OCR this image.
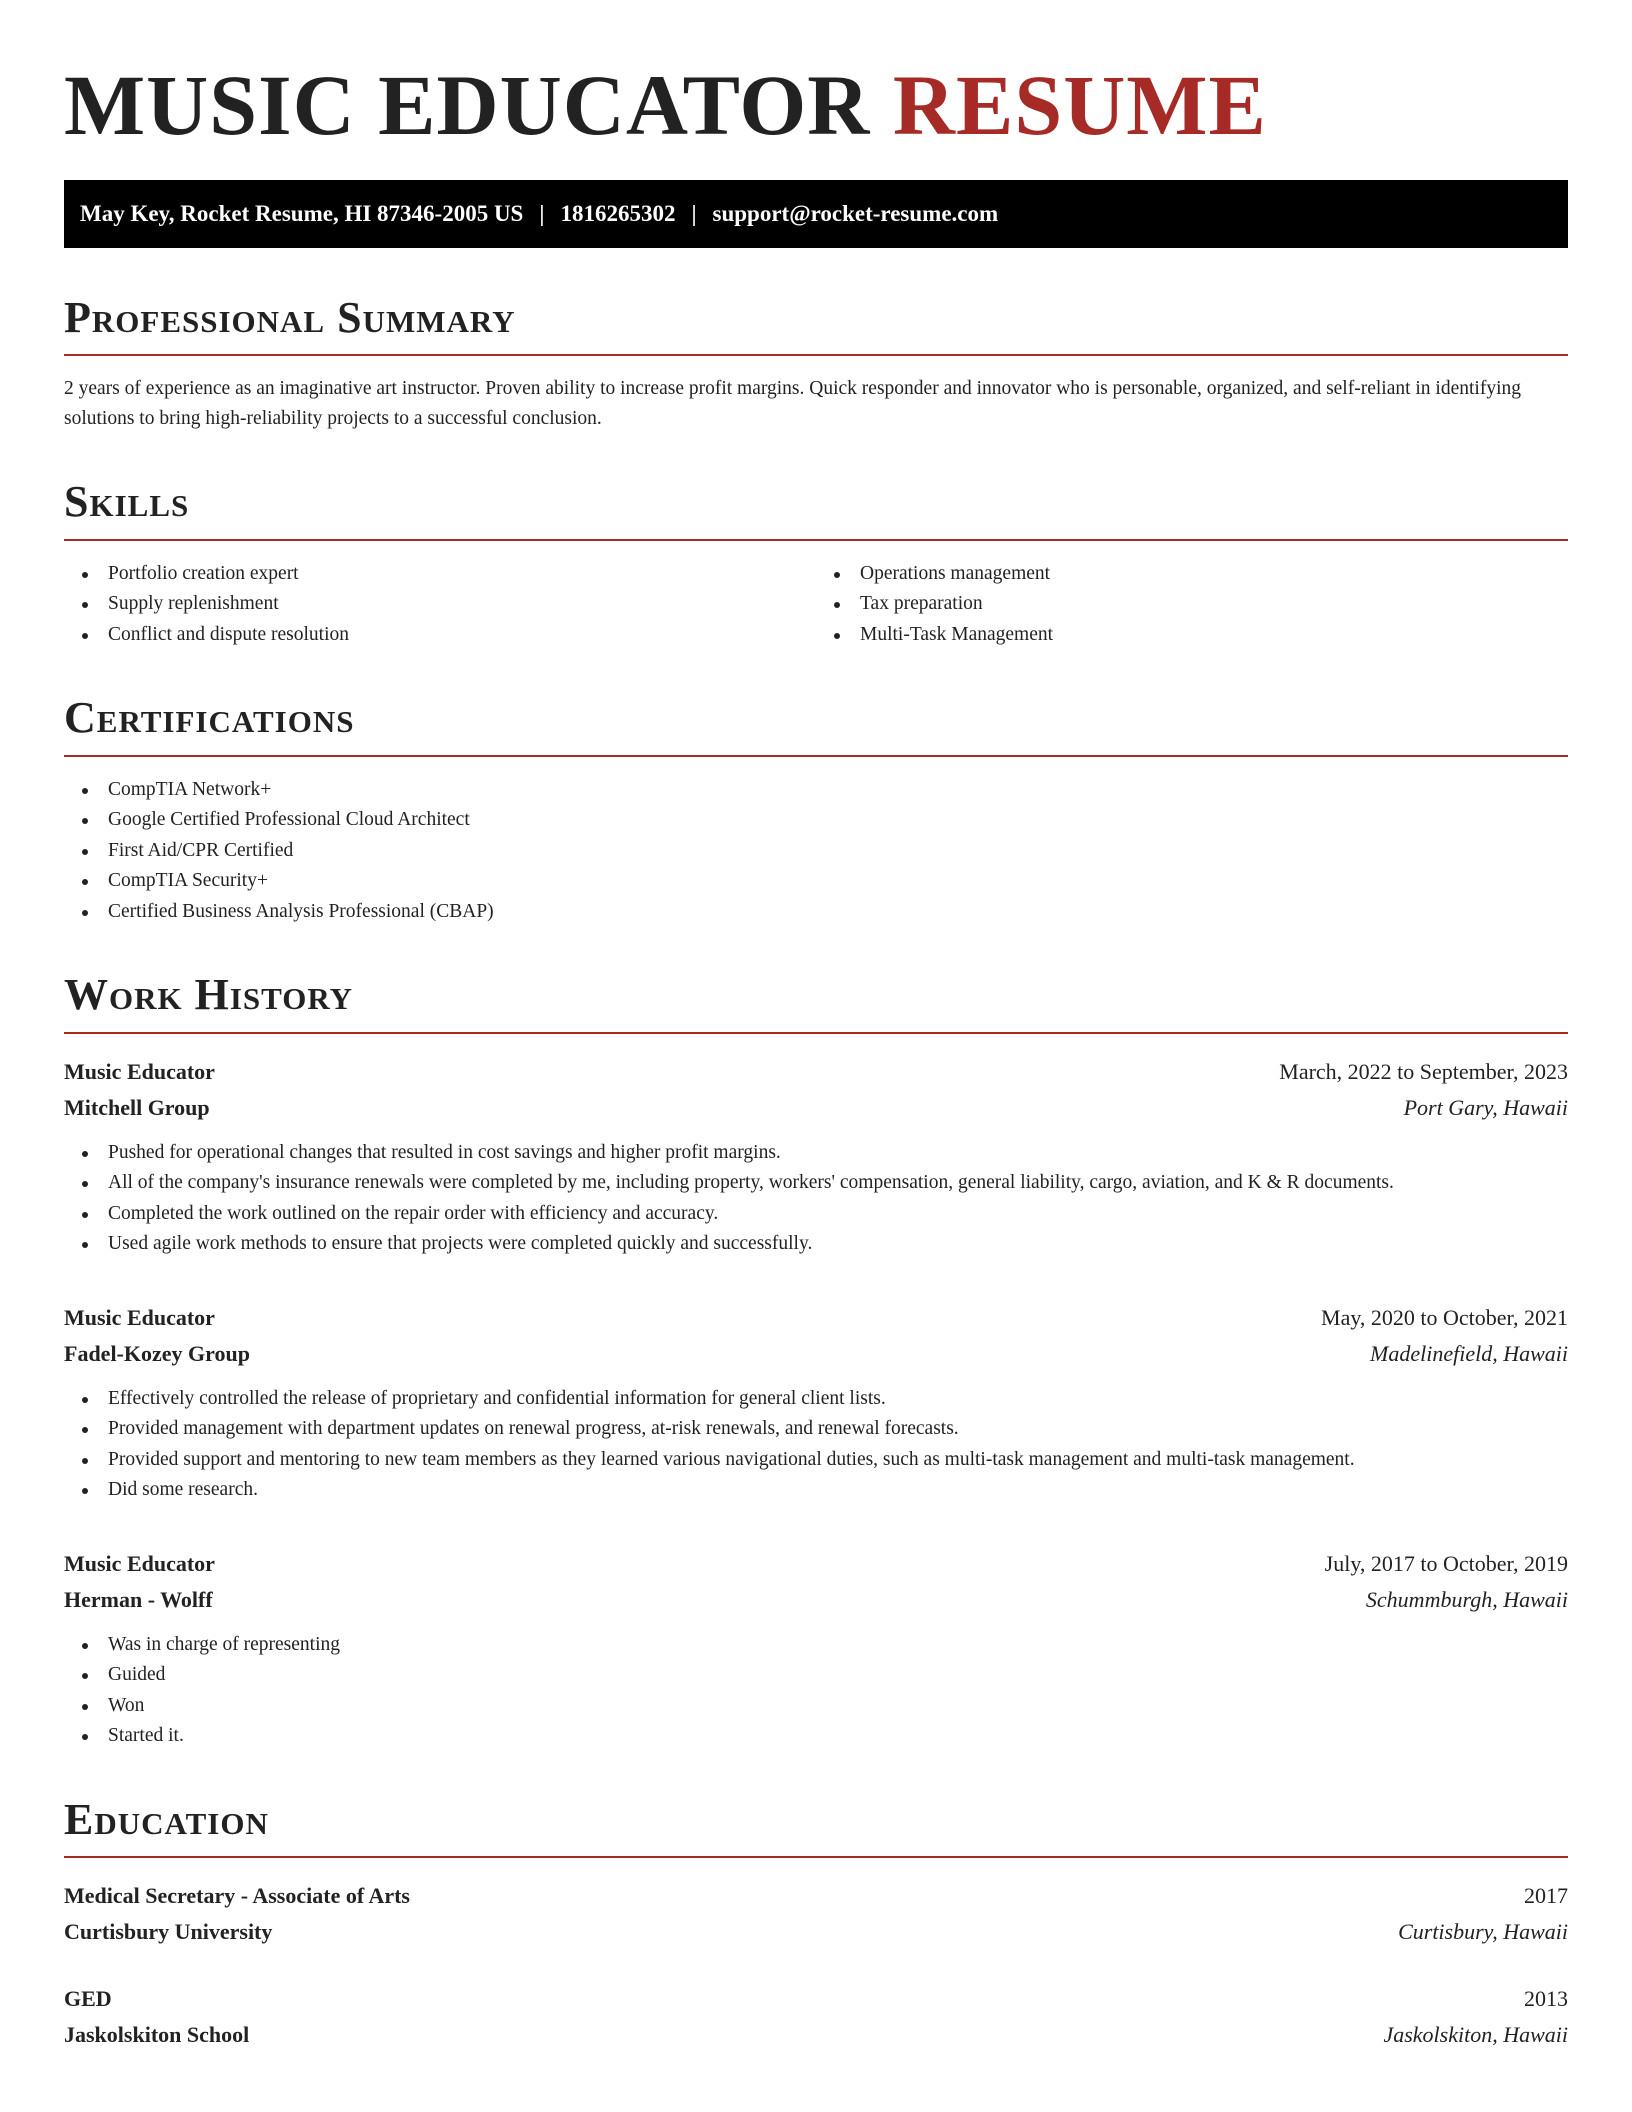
MUSIC EDUCATOR RESUME
May Key, Rocket Resume, HI 87346-2005 US | 1816265302 | support@rocket-resume.com
Professional Summary

2 years of experience as an imaginative art instructor. Proven ability to increase profit margins. Quick responder and innovator who is personable, organized, and self-reliant in identifying solutions to bring high-reliability projects to a successful conclusion.

Skills
Portfolio creation expert
Supply replenishment
Conflict and dispute resolution
Operations management
Tax preparation
Multi-Task Management
Certifications
CompTIA Network+
Google Certified Professional Cloud Architect
First Aid/CPR Certified
CompTIA Security+
Certified Business Analysis Professional (CBAP)
Work History
Music Educator	March, 2022 to September, 2023
Mitchell Group	Port Gary, Hawaii
Pushed for operational changes that resulted in cost savings and higher profit margins.
All of the company's insurance renewals were completed by me, including property, workers' compensation, general liability, cargo, aviation, and K & R documents.
Completed the work outlined on the repair order with efficiency and accuracy.
Used agile work methods to ensure that projects were completed quickly and successfully.
Music Educator	May, 2020 to October, 2021
Fadel-Kozey Group	Madelinefield, Hawaii
Effectively controlled the release of proprietary and confidential information for general client lists.
Provided management with department updates on renewal progress, at-risk renewals, and renewal forecasts.
Provided support and mentoring to new team members as they learned various navigational duties, such as multi-task management and multi-task management.
Did some research.
Music Educator	July, 2017 to October, 2019
Herman - Wolff	Schummburgh, Hawaii
Was in charge of representing
Guided
Won
Started it.
Education
Medical Secretary - Associate of Arts	2017
Curtisbury University	Curtisbury, Hawaii
GED	2013
Jaskolskiton School	Jaskolskiton, Hawaii
